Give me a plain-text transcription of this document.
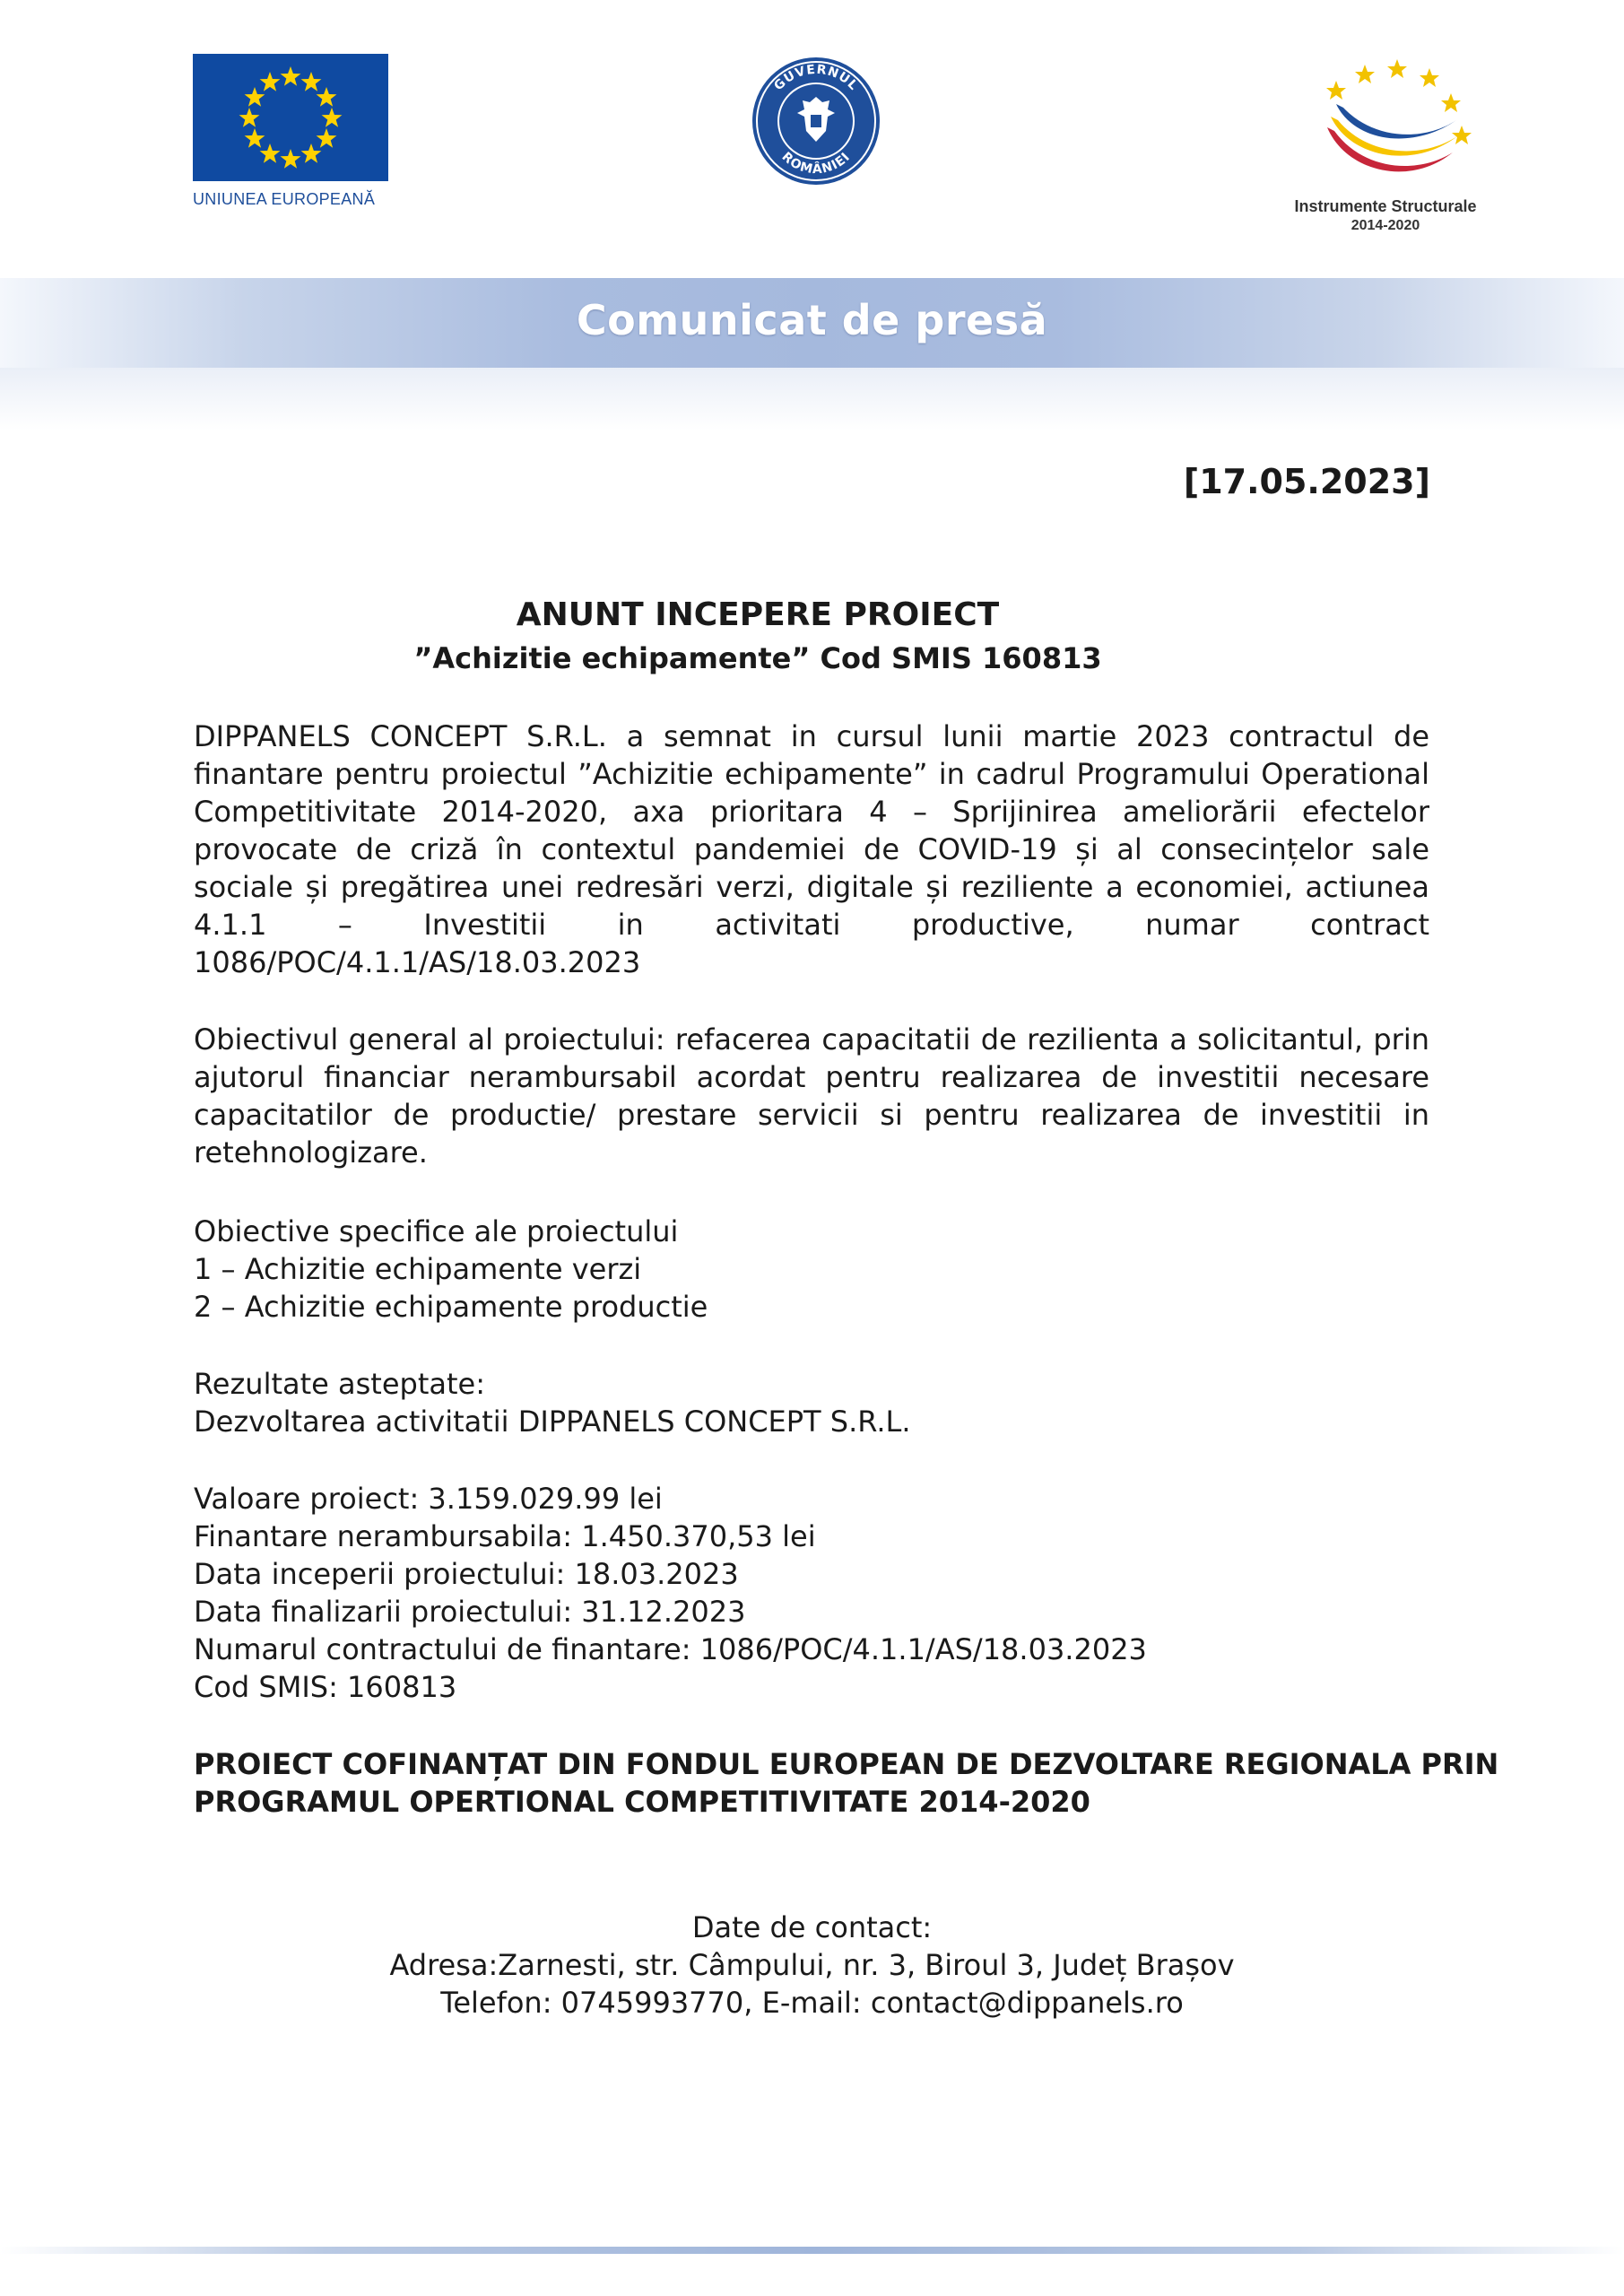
UNIUNEA EUROPEANĂ
GUVERNUL
ROMÂNIEI
Instrumente Structurale
2014-2020
Comunicat de presă
[17.05.2023]
ANUNT INCEPERE PROIECT
”Achizitie echipamente” Cod SMIS 160813
DIPPANELS CONCEPT S.R.L. a semnat in cursul lunii martie 2023 contractul de finantare pentru proiectul ”Achizitie echipamente” in cadrul Programului Operational Competitivitate 2014-2020, axa prioritara 4 – Sprijinirea ameliorării efectelor provocate de criză în contextul pandemiei de COVID-19 și al consecințelor sale sociale și pregătirea unei redresări verzi, digitale și reziliente a economiei, actiunea 4.1.1 – Investitii in activitati productive, numar contract 1086/POC/4.1.1/AS/18.03.2023
Obiectivul general al proiectului: refacerea capacitatii de rezilienta a solicitantul, prin ajutorul financiar nerambursabil acordat pentru realizarea de investitii necesare capacitatilor de productie/ prestare servicii si pentru realizarea de investitii in retehnologizare.
Obiective specifice ale proiectului
1 – Achizitie echipamente verzi
2 – Achizitie echipamente productie
Rezultate asteptate:
Dezvoltarea activitatii DIPPANELS CONCEPT S.R.L.
Valoare proiect: 3.159.029.99 lei
Finantare nerambursabila: 1.450.370,53 lei
Data inceperii proiectului: 18.03.2023
Data finalizarii proiectului: 31.12.2023
Numarul contractului de finantare: 1086/POC/4.1.1/AS/18.03.2023
Cod SMIS: 160813
PROIECT COFINANȚAT DIN FONDUL EUROPEAN DE DEZVOLTARE REGIONALA PRIN
PROGRAMUL OPERTIONAL COMPETITIVITATE 2014-2020
Date de contact:
Adresa:Zarnesti, str. Câmpului, nr. 3, Biroul 3, Județ Brașov
Telefon: 0745993770, E-mail: contact@dippanels.ro
